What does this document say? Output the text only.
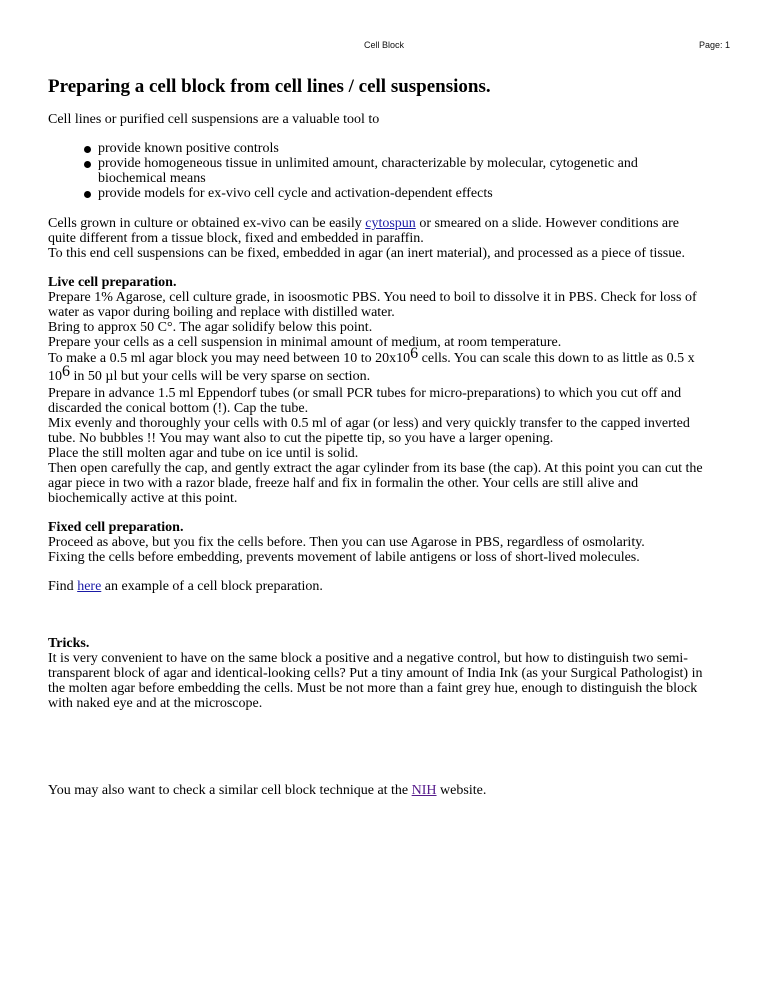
Cell Block	Page: 1
Preparing a cell block from cell lines / cell suspensions.

Cell lines or purified cell suspensions are a valuable tool to

provide known positive controls
provide homogeneous tissue in unlimited amount, characterizable by molecular, cytogenetic and biochemical means
provide models for ex-vivo cell cycle and activation-dependent effects

Cells grown in culture or obtained ex-vivo can be easily cytospun or smeared on a slide. However conditions are quite different from a tissue block, fixed and embedded in paraffin.
To this end cell suspensions can be fixed, embedded in agar (an inert material), and processed as a piece of tissue.

Live cell preparation.
Prepare 1% Agarose, cell culture grade, in isoosmotic PBS. You need to boil to dissolve it in PBS. Check for loss of water as vapor during boiling and replace with distilled water.
Bring to approx 50 C°. The agar solidify below this point.
Prepare your cells as a cell suspension in minimal amount of medium, at room temperature.
To make a 0.5 ml agar block you may need between 10 to $20x10^6$ cells. You can scale this down to as little as 0.5 x $10^6$ in 50 µl but your cells will be very sparse on section.
Prepare in advance 1.5 ml Eppendorf tubes (or small PCR tubes for micro-preparations) to which you cut off and discarded the conical bottom (!). Cap the tube.
Mix evenly and thoroughly your cells with 0.5 ml of agar (or less) and very quickly transfer to the capped inverted tube. No bubbles !! You may want also to cut the pipette tip, so you have a larger opening.
Place the still molten agar and tube on ice until is solid.
Then open carefully the cap, and gently extract the agar cylinder from its base (the cap). At this point you can cut the agar piece in two with a razor blade, freeze half and fix in formalin the other. Your cells are still alive and biochemically active at this point.

Fixed cell preparation.
Proceed as above, but you fix the cells before. Then you can use Agarose in PBS, regardless of osmolarity.
Fixing the cells before embedding, prevents movement of labile antigens or loss of short-lived molecules.

Find here an example of a cell block preparation.

Tricks.
It is very convenient to have on the same block a positive and a negative control, but how to distinguish two semi-transparent block of agar and identical-looking cells? Put a tiny amount of India Ink (as your Surgical Pathologist) in the molten agar before embedding the cells. Must be not more than a faint grey hue, enough to distinguish the block with naked eye and at the microscope.

You may also want to check a similar cell block technique at the NIH website.
